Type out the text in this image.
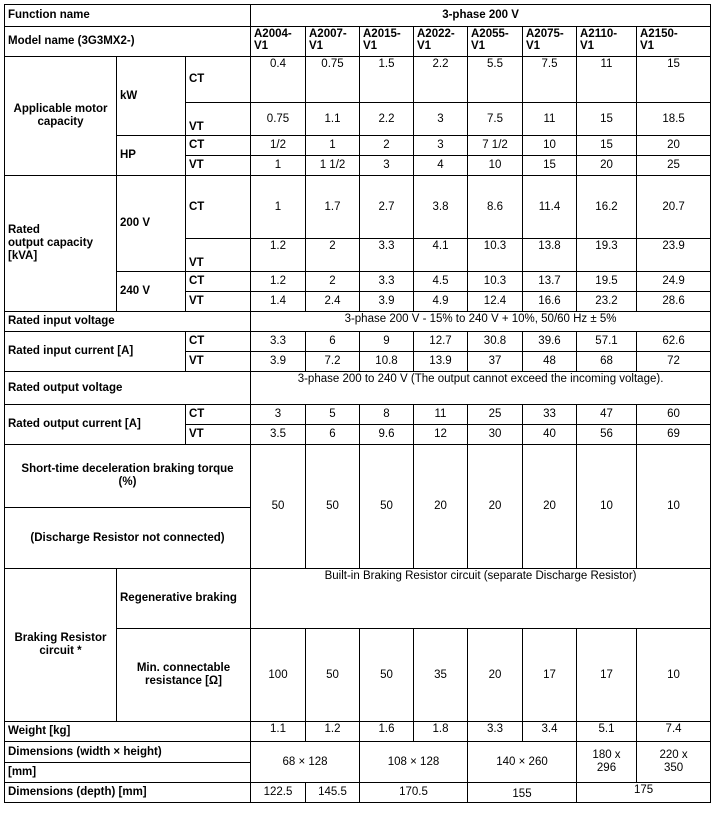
Function name			3-phase 200 V							
Model name (3G3MX2-)			A2004-
V1	A2007-
V1	A2015-
V1	A2022-
V1	A2055-
V1	A2075-
V1	A2110-
V1	A2150-
V1
Applicable motor capacity	kW	CT	0.4	0.75	1.5	2.2	5.5	7.5	11	15
		VT	0.75	1.1	2.2	3	7.5	11	15	18.5
	HP	CT	1/2	1	2	3	7 1/2	10	15	20
		VT	1	1 1/2	3	4	10	15	20	25
Rated
output capacity
[kVA]	200 V	CT	1	1.7	2.7	3.8	8.6	11.4	16.2	20.7
		VT	1.2	2	3.3	4.1	10.3	13.8	19.3	23.9
	240 V	CT	1.2	2	3.3	4.5	10.3	13.7	19.5	24.9
		VT	1.4	2.4	3.9	4.9	12.4	16.6	23.2	28.6
Rated input voltage			3-phase 200 V - 15% to 240 V + 10%, 50/60 Hz ± 5%							
Rated input current [A]		CT	3.3	6	9	12.7	30.8	39.6	57.1	62.6
		VT	3.9	7.2	10.8	13.9	37	48	68	72
Rated output voltage			3-phase 200 to 240 V (The output cannot exceed the incoming voltage).							
Rated output current [A]		CT	3	5	8	11	25	33	47	60
		VT	3.5	6	9.6	12	30	40	56	69
Short-time deceleration braking torque
(%)			50	50	50	20	20	20	10	10
(Discharge Resistor not connected)										
Braking Resistor
circuit *	Regenerative braking		Built-in Braking Resistor circuit (separate Discharge Resistor)							
	Min. connectable
resistance [Ω]		100	50	50	35	20	17	17	10
Weight [kg]			1.1	1.2	1.6	1.8	3.3	3.4	5.1	7.4
Dimensions (width × height)			68 × 128		108 × 128		140 × 260		180 x
296	220 x
350
[mm]										
Dimensions (depth) [mm]			122.5	145.5	170.5		155		175	
